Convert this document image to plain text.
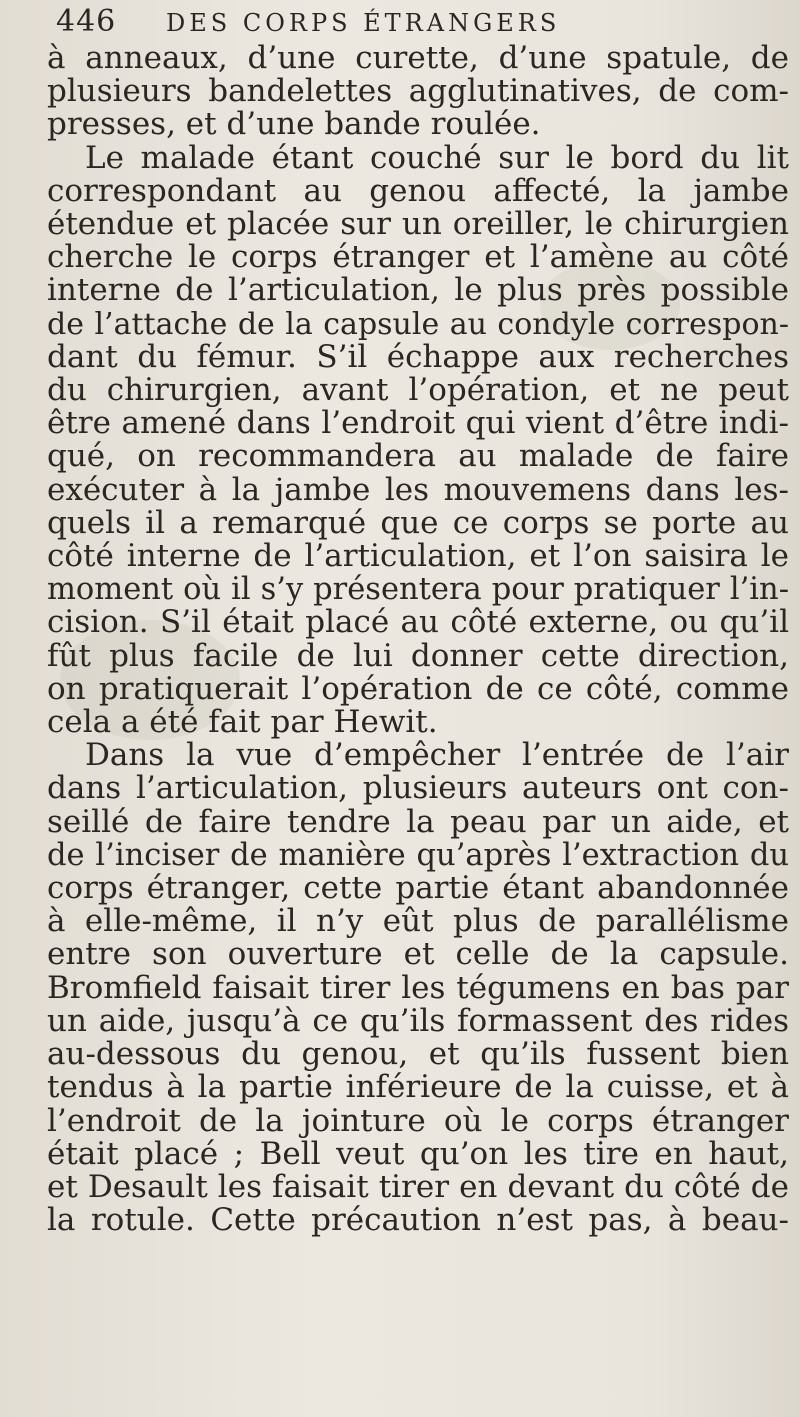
446	DES CORPS ÉTRANGERS
à anneaux, d’une curette, d’une spatule, de
plusieurs bandelettes agglutinatives, de com-
presses, et d’une bande roulée.
Le malade étant couché sur le bord du lit
correspondant au genou affecté, la jambe
étendue et placée sur un oreiller, le chirurgien
cherche le corps étranger et l’amène au côté
interne de l’articulation, le plus près possible
de l’attache de la capsule au condyle correspon-
dant du fémur. S’il échappe aux recherches
du chirurgien, avant l’opération, et ne peut
être amené dans l’endroit qui vient d’être indi-
qué, on recommandera au malade de faire
exécuter à la jambe les mouvemens dans les-
quels il a remarqué que ce corps se porte au
côté interne de l’articulation, et l’on saisira le
moment où il s’y présentera pour pratiquer l’in-
cision. S’il était placé au côté externe, ou qu’il
fût plus facile de lui donner cette direction,
on pratiquerait l’opération de ce côté, comme
cela a été fait par Hewit.
Dans la vue d’empêcher l’entrée de l’air
dans l’articulation, plusieurs auteurs ont con-
seillé de faire tendre la peau par un aide, et
de l’inciser de manière qu’après l’extraction du
corps étranger, cette partie étant abandonnée
à elle-même, il n’y eût plus de parallélisme
entre son ouverture et celle de la capsule.
Bromfield faisait tirer les tégumens en bas par
un aide, jusqu’à ce qu’ils formassent des rides
au-dessous du genou, et qu’ils fussent bien
tendus à la partie inférieure de la cuisse, et à
l’endroit de la jointure où le corps étranger
était placé ; Bell veut qu’on les tire en haut,
et Desault les faisait tirer en devant du côté de
la rotule. Cette précaution n’est pas, à beau-
